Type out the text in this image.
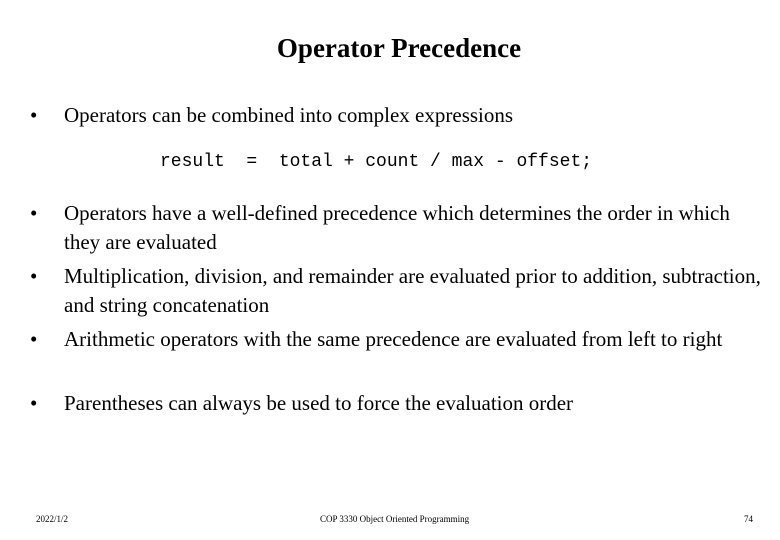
Operator Precedence
•	Operators can be combined into complex expressions
result  =  total + count / max - offset;
•	Operators have a well-defined precedence which determines the order in which they are evaluated
•	Multiplication, division, and remainder are evaluated prior to addition, subtraction, and string concatenation
•	Arithmetic operators with the same precedence are evaluated from left to right
•	Parentheses can always be used to force the evaluation order
2022/1/2	COP 3330 Object Oriented Programming	74
